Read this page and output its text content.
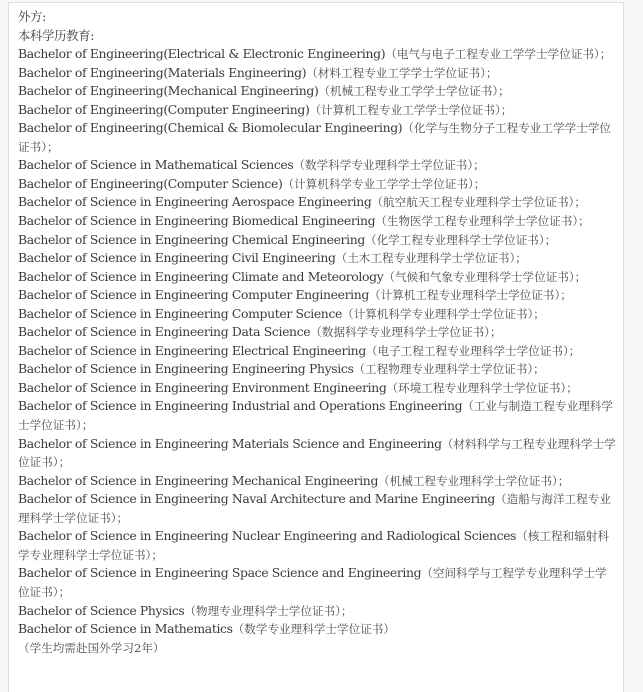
外方:
本科学历教育:
Bachelor of Engineering(Electrical & Electronic Engineering)（电气与电子工程专业工学学士学位证书）；
Bachelor of Engineering(Materials Engineering)（材料工程专业工学学士学位证书）；
Bachelor of Engineering(Mechanical Engineering)（机械工程专业工学学士学位证书）；
Bachelor of Engineering(Computer Engineering)（计算机工程专业工学学士学位证书）；
Bachelor of Engineering(Chemical & Biomolecular Engineering)（化学与生物分子工程专业工学学士学位证书）；
Bachelor of Science in Mathematical Sciences（数学科学专业理科学士学位证书）；
Bachelor of Engineering(Computer Science)（计算机科学专业工学学士学位证书）；
Bachelor of Science in Engineering Aerospace Engineering（航空航天工程专业理科学士学位证书）；
Bachelor of Science in Engineering Biomedical Engineering（生物医学工程专业理科学士学位证书）；
Bachelor of Science in Engineering Chemical Engineering（化学工程专业理科学士学位证书）；
Bachelor of Science in Engineering Civil Engineering（土木工程专业理科学士学位证书）；
Bachelor of Science in Engineering Climate and Meteorology（气候和气象专业理科学士学位证书）；
Bachelor of Science in Engineering Computer Engineering（计算机工程专业理科学士学位证书）；
Bachelor of Science in Engineering Computer Science（计算机科学专业理科学士学位证书）；
Bachelor of Science in Engineering Data Science（数据科学专业理科学士学位证书）；
Bachelor of Science in Engineering Electrical Engineering（电子工程工程专业理科学士学位证书）；
Bachelor of Science in Engineering Engineering Physics（工程物理专业理科学士学位证书）；
Bachelor of Science in Engineering Environment Engineering（环境工程专业理科学士学位证书）；
Bachelor of Science in Engineering Industrial and Operations Engineering（工业与制造工程专业理科学士学位证书）；
Bachelor of Science in Engineering Materials Science and Engineering（材料科学与工程专业理科学士学位证书）；
Bachelor of Science in Engineering Mechanical Engineering（机械工程专业理科学士学位证书）；
Bachelor of Science in Engineering Naval Architecture and Marine Engineering（造船与海洋工程专业理科学士学位证书）；
Bachelor of Science in Engineering Nuclear Engineering and Radiological Sciences（核工程和辐射科学专业理科学士学位证书）；
Bachelor of Science in Engineering Space Science and Engineering（空间科学与工程学专业理科学士学位证书）；
Bachelor of Science Physics（物理专业理科学士学位证书）；
Bachelor of Science in Mathematics（数学专业理科学士学位证书）
（学生均需赴国外学习2年）
